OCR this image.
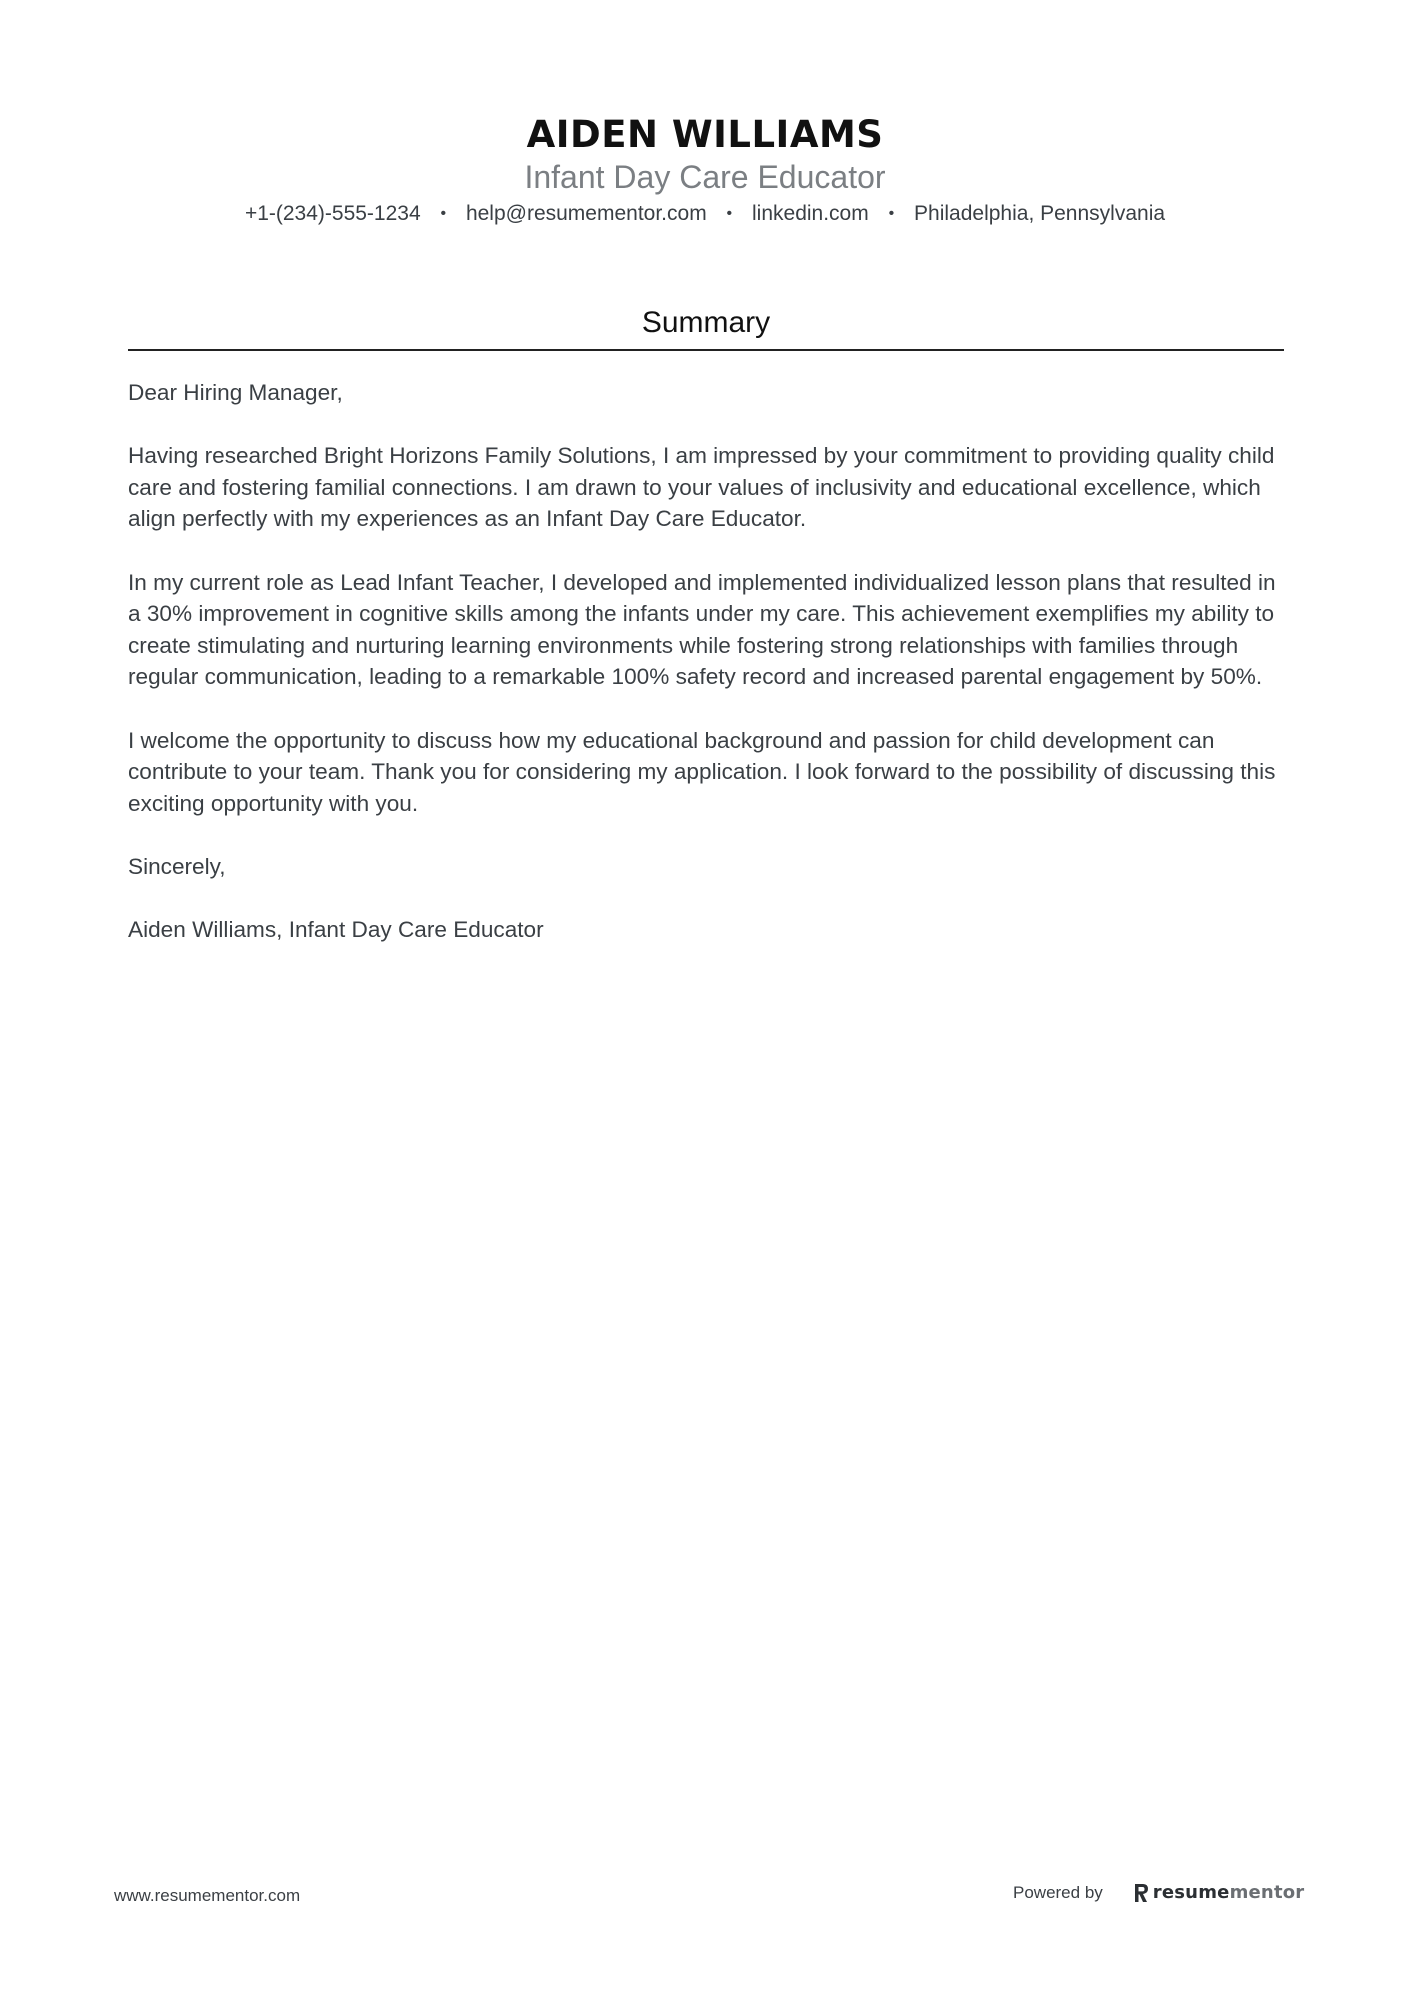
AIDEN WILLIAMS
Infant Day Care Educator
+1-(234)-555-1234 • help@resumementor.com • linkedin.com • Philadelphia, Pennsylvania
Summary

Dear Hiring Manager,

Having researched Bright Horizons Family Solutions, I am impressed by your commitment to providing quality child care and fostering familial connections. I am drawn to your values of inclusivity and educational excellence, which align perfectly with my experiences as an Infant Day Care Educator.

In my current role as Lead Infant Teacher, I developed and implemented individualized lesson plans that resulted in a 30% improvement in cognitive skills among the infants under my care. This achievement exemplifies my ability to create stimulating and nurturing learning environments while fostering strong relationships with families through regular communication, leading to a remarkable 100% safety record and increased parental engagement by 50%.

I welcome the opportunity to discuss how my educational background and passion for child development can contribute to your team. Thank you for considering my application. I look forward to the possibility of discussing this exciting opportunity with you.

Sincerely,

Aiden Williams, Infant Day Care Educator

www.resumementor.com	Powered by	resumementor
